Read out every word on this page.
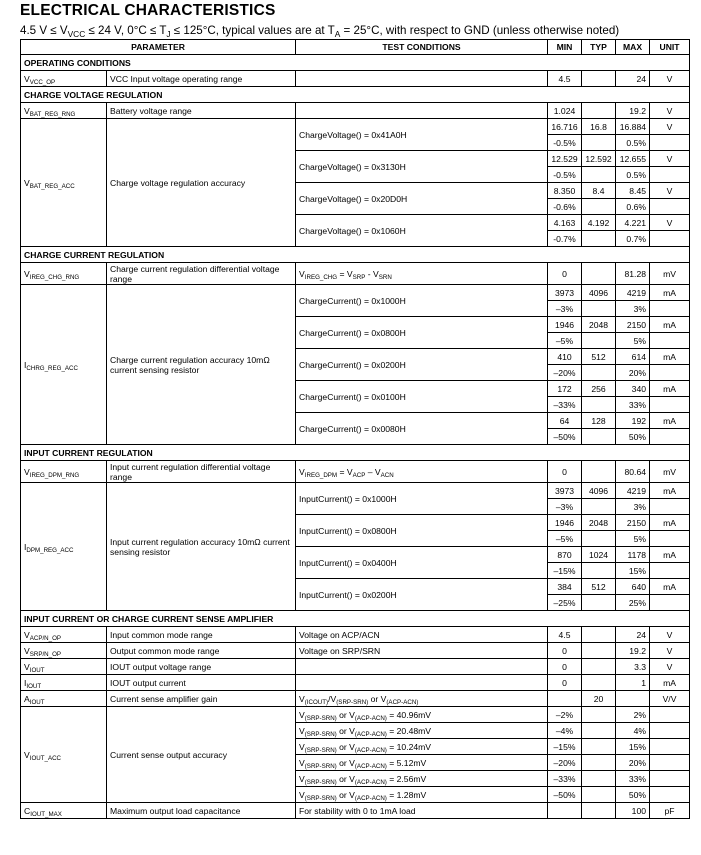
ELECTRICAL CHARACTERISTICS

4.5 $V \le V_{VCC} \le 24$ V, $0^\circ C \le T_J \le 125^\circ C$, typical values are at $T_A = 25^\circ C$, with respect to GND (unless otherwise noted)

PARAMETER		TEST CONDITIONS	MIN	TYP	MAX	UNIT
OPERATING CONDITIONS						
$V_{VCC\_OP}$	VCC Input voltage operating range		4.5		24	V
CHARGE VOLTAGE REGULATION						
$V_{BAT\_REG\_RNG}$	Battery voltage range		1.024		19.2	V
$V_{BAT\_REG\_ACC}$	Charge voltage regulation accuracy	ChargeVoltage() = 0x41A0H	16.716	16.8	16.884	V
			-0.5%		0.5%	
		ChargeVoltage() = 0x3130H	12.529	12.592	12.655	V
			-0.5%		0.5%	
		ChargeVoltage() = 0x20D0H	8.350	8.4	8.45	V
			-0.6%		0.6%	
		ChargeVoltage() = 0x1060H	4.163	4.192	4.221	V
			-0.7%		0.7%	
CHARGE CURRENT REGULATION						
$V_{IREG\_CHG\_RNG}$	Charge current regulation differential voltage range	$V_{IREG\_CHG} = V_{SRP} - V_{SRN}$	0		81.28	mV
$I_{CHRG\_REG\_ACC}$	Charge current regulation accuracy 10mΩ current sensing resistor	ChargeCurrent() = 0x1000H	3973	4096	4219	mA
			–3%		3%	
		ChargeCurrent() = 0x0800H	1946	2048	2150	mA
			–5%		5%	
		ChargeCurrent() = 0x0200H	410	512	614	mA
			–20%		20%	
		ChargeCurrent() = 0x0100H	172	256	340	mA
			–33%		33%	
		ChargeCurrent() = 0x0080H	64	128	192	mA
			–50%		50%	
INPUT CURRENT REGULATION						
$V_{IREG\_DPM\_RNG}$	Input current regulation differential voltage range	$V_{IREG\_DPM} = V_{ACP} - V_{ACN}$	0		80.64	mV
$I_{DPM\_REG\_ACC}$	Input current regulation accuracy 10mΩ current sensing resistor	InputCurrent() = 0x1000H	3973	4096	4219	mA
			–3%		3%	
		InputCurrent() = 0x0800H	1946	2048	2150	mA
			–5%		5%	
		InputCurrent() = 0x0400H	870	1024	1178	mA
			–15%		15%	
		InputCurrent() = 0x0200H	384	512	640	mA
			–25%		25%	
INPUT CURRENT OR CHARGE CURRENT SENSE AMPLIFIER						
$V_{ACP/N\_OP}$	Input common mode range	Voltage on ACP/ACN	4.5		24	V
$V_{SRP/N\_OP}$	Output common mode range	Voltage on SRP/SRN	0		19.2	V
$V_{IOUT}$	IOUT output voltage range		0		3.3	V
$I_{IOUT}$	IOUT output current		0		1	mA
$A_{IOUT}$	Current sense amplifier gain	$V_{(ICOUT)}/V_{(SRP-SRN)}$ or $V_{(ACP-ACN)}$		20		V/V
$V_{IOUT\_ACC}$	Current sense output accuracy	$V_{(SRP-SRN)}$ or $V_{(ACP-ACN)} = 40.96mV$	–2%		2%	
		$V_{(SRP-SRN)}$ or $V_{(ACP-ACN)} = 20.48mV$	–4%		4%	
		$V_{(SRP-SRN)}$ or $V_{(ACP-ACN)} = 10.24mV$	–15%		15%	
		$V_{(SRP-SRN)}$ or $V_{(ACP-ACN)} = 5.12mV$	–20%		20%	
		$V_{(SRP-SRN)}$ or $V_{(ACP-ACN)} = 2.56mV$	–33%		33%	
		$V_{(SRP-SRN)}$ or $V_{(ACP-ACN)} = 1.28mV$	–50%		50%	
$C_{IOUT\_MAX}$	Maximum output load capacitance	For stability with 0 to 1mA load			100	pF
